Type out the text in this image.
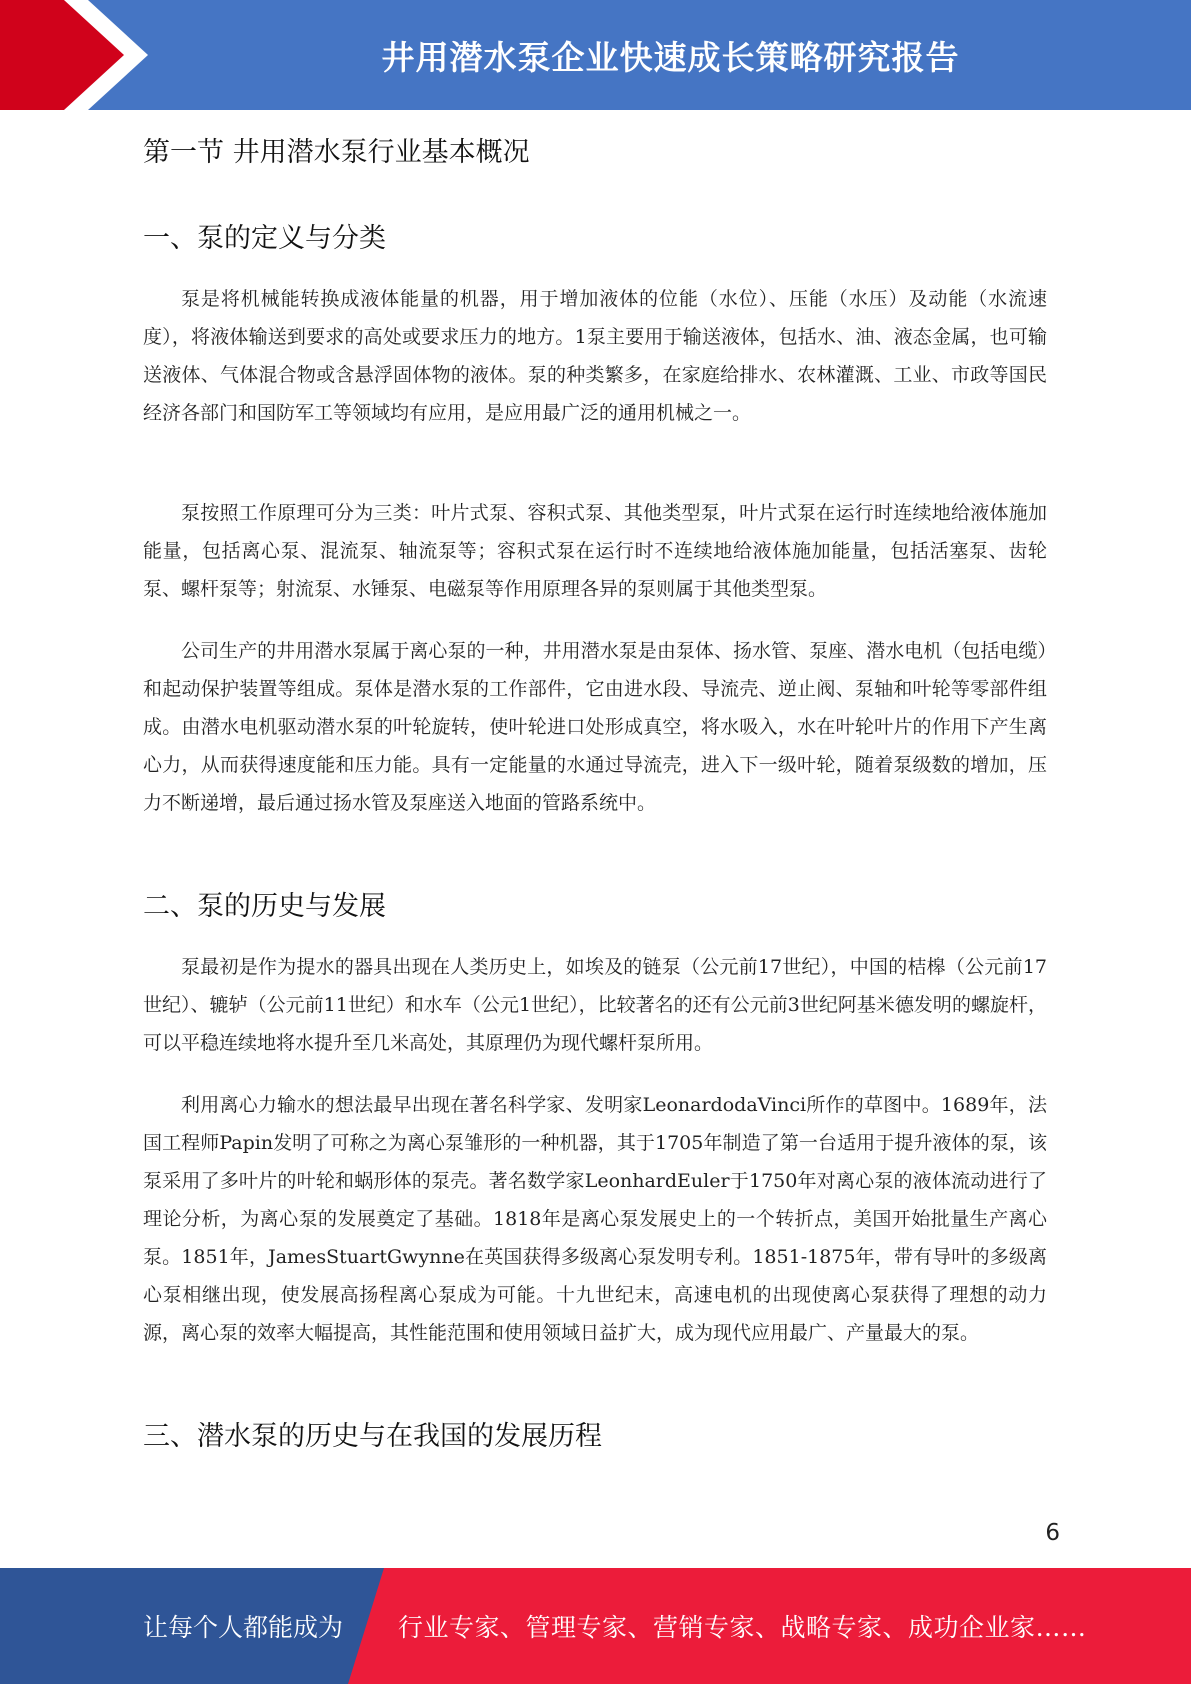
井用潜水泵企业快速成长策略研究报告
第一节 井用潜水泵行业基本概况
一、泵的定义与分类

泵是将机械能转换成液体能量的机器，用于增加液体的位能（水位）、压能（水压）及动能（水流速度），将液体输送到要求的高处或要求压力的地方。1泵主要用于输送液体，包括水、油、液态金属，也可输送液体、气体混合物或含悬浮固体物的液体。泵的种类繁多，在家庭给排水、农林灌溉、工业、市政等国民经济各部门和国防军工等领域均有应用，是应用最广泛的通用机械之一。

泵按照工作原理可分为三类：叶片式泵、容积式泵、其他类型泵，叶片式泵在运行时连续地给液体施加能量，包括离心泵、混流泵、轴流泵等；容积式泵在运行时不连续地给液体施加能量，包括活塞泵、齿轮泵、螺杆泵等；射流泵、水锤泵、电磁泵等作用原理各异的泵则属于其他类型泵。

公司生产的井用潜水泵属于离心泵的一种，井用潜水泵是由泵体、扬水管、泵座、潜水电机（包括电缆）和起动保护装置等组成。泵体是潜水泵的工作部件，它由进水段、导流壳、逆止阀、泵轴和叶轮等零部件组成。由潜水电机驱动潜水泵的叶轮旋转，使叶轮进口处形成真空，将水吸入，水在叶轮叶片的作用下产生离心力，从而获得速度能和压力能。具有一定能量的水通过导流壳，进入下一级叶轮，随着泵级数的增加，压力不断递增，最后通过扬水管及泵座送入地面的管路系统中。

二、泵的历史与发展

泵最初是作为提水的器具出现在人类历史上，如埃及的链泵（公元前17世纪），中国的桔槔（公元前17世纪）、辘轳（公元前11世纪）和水车（公元1世纪），比较著名的还有公元前3世纪阿基米德发明的螺旋杆，可以平稳连续地将水提升至几米高处，其原理仍为现代螺杆泵所用。

利用离心力输水的想法最早出现在著名科学家、发明家LeonardodaVinci所作的草图中。1689年，法国工程师Papin发明了可称之为离心泵雏形的一种机器，其于1705年制造了第一台适用于提升液体的泵，该泵采用了多叶片的叶轮和蜗形体的泵壳。著名数学家LeonhardEuler于1750年对离心泵的液体流动进行了理论分析，为离心泵的发展奠定了基础。1818年是离心泵发展史上的一个转折点，美国开始批量生产离心泵。1851年，JamesStuartGwynne在英国获得多级离心泵发明专利。1851-1875年，带有导叶的多级离心泵相继出现，使发展高扬程离心泵成为可能。十九世纪末，高速电机的出现使离心泵获得了理想的动力源，离心泵的效率大幅提高，其性能范围和使用领域日益扩大，成为现代应用最广、产量最大的泵。

三、潜水泵的历史与在我国的发展历程
6
让每个人都能成为 行业专家、管理专家、营销专家、战略专家、成功企业家……
